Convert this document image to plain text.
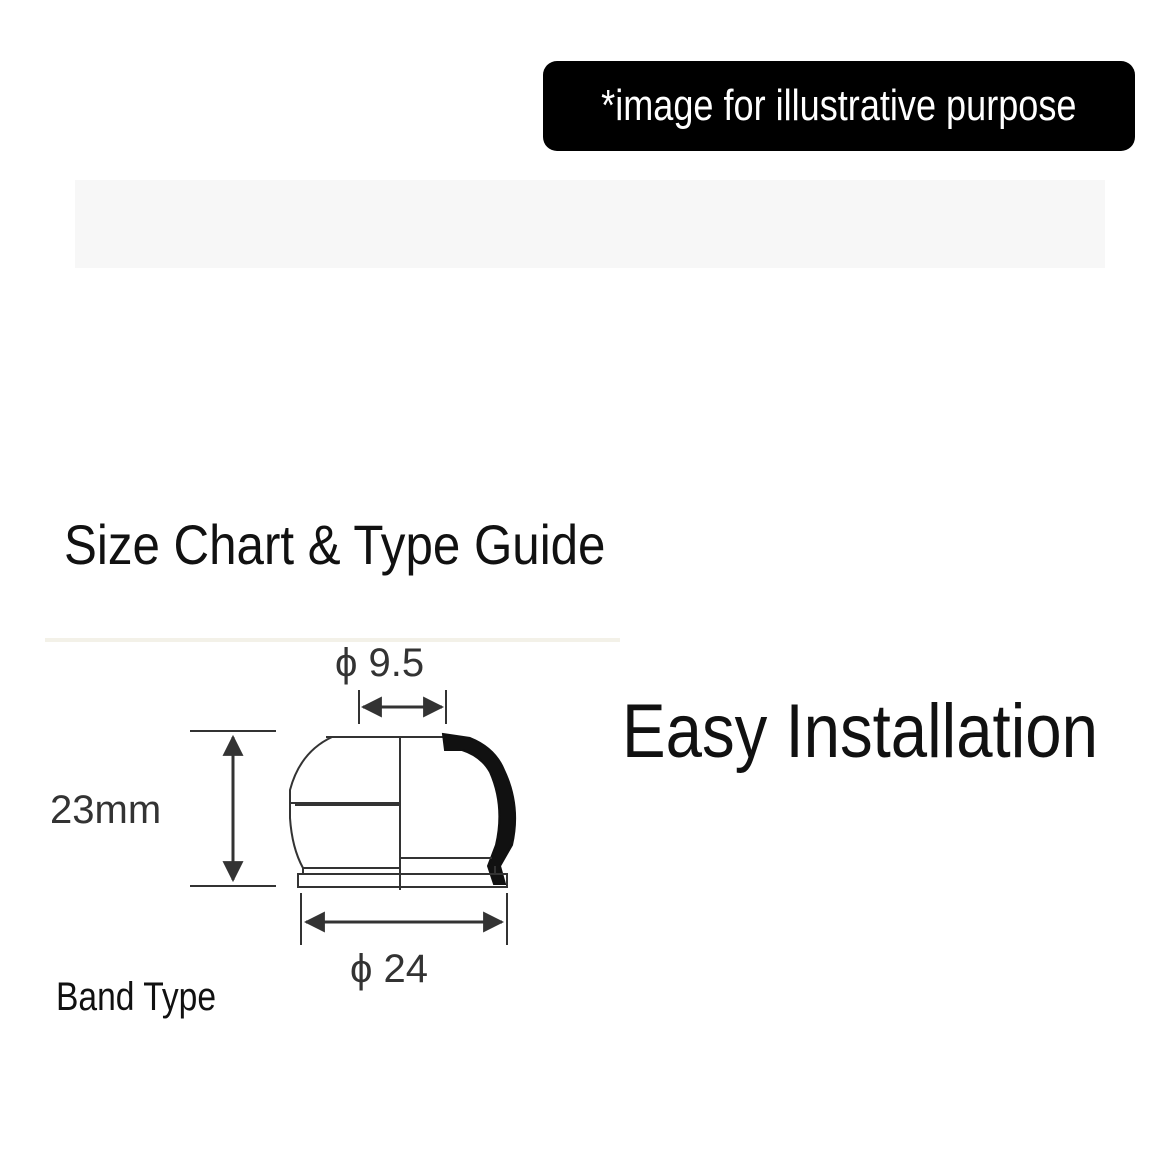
*image for illustrative purpose
Size Chart & Type Guide
Easy Installation
Band Type
ϕ 9.5
23mm
ϕ 24
